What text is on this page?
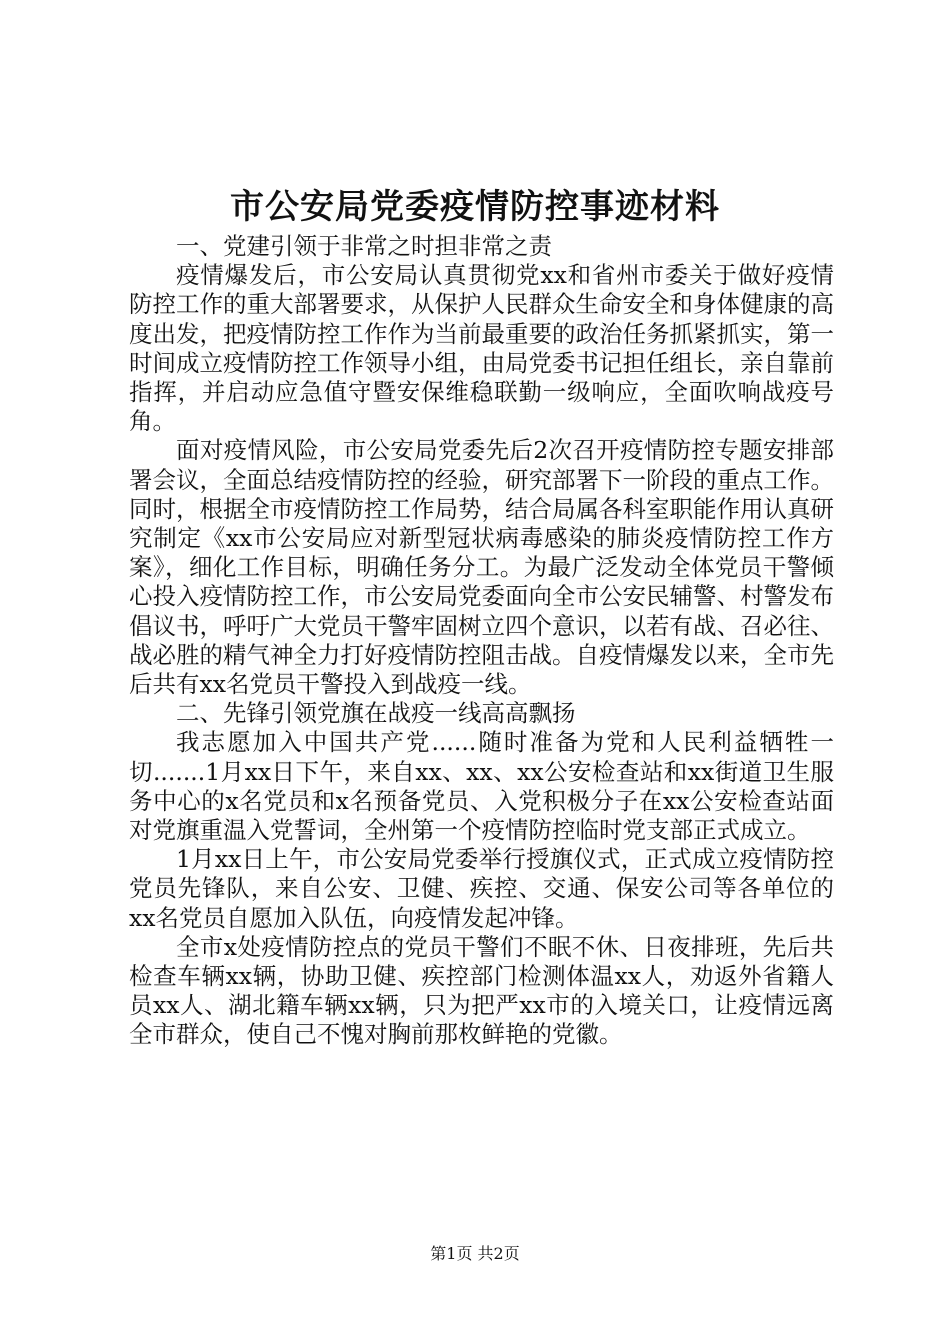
市公安局党委疫情防控事迹材料

一、党建引领于非常之时担非常之责

疫情爆发后，市公安局认真贯彻党xx和省州市委关于做好疫情防控工作的重大部署要求，从保护人民群众生命安全和身体健康的高度出发，把疫情防控工作作为当前最重要的政治任务抓紧抓实，第一时间成立疫情防控工作领导小组，由局党委书记担任组长，亲自靠前指挥，并启动应急值守暨安保维稳联勤一级响应，全面吹响战疫号角。

面对疫情风险，市公安局党委先后2次召开疫情防控专题安排部署会议，全面总结疫情防控的经验，研究部署下一阶段的重点工作。同时，根据全市疫情防控工作局势，结合局属各科室职能作用认真研究制定《xx市公安局应对新型冠状病毒感染的肺炎疫情防控工作方案》，细化工作目标，明确任务分工。为最广泛发动全体党员干警倾心投入疫情防控工作，市公安局党委面向全市公安民辅警、村警发布倡议书，呼吁广大党员干警牢固树立四个意识，以若有战、召必往、战必胜的精气神全力打好疫情防控阻击战。自疫情爆发以来，全市先后共有xx名党员干警投入到战疫一线。

二、先锋引领党旗在战疫一线高高飘扬

我志愿加入中国共产党......随时准备为党和人民利益牺牲一切.......1月xx日下午，来自xx、xx、xx公安检查站和xx街道卫生服务中心的x名党员和x名预备党员、入党积极分子在xx公安检查站面对党旗重温入党誓词，全州第一个疫情防控临时党支部正式成立。

1月xx日上午，市公安局党委举行授旗仪式，正式成立疫情防控党员先锋队，来自公安、卫健、疾控、交通、保安公司等各单位的xx名党员自愿加入队伍，向疫情发起冲锋。

全市x处疫情防控点的党员干警们不眠不休、日夜排班，先后共检查车辆xx辆，协助卫健、疾控部门检测体温xx人，劝返外省籍人员xx人、湖北籍车辆xx辆，只为把严xx市的入境关口，让疫情远离全市群众，使自己不愧对胸前那枚鲜艳的党徽。

第1页 共2页
